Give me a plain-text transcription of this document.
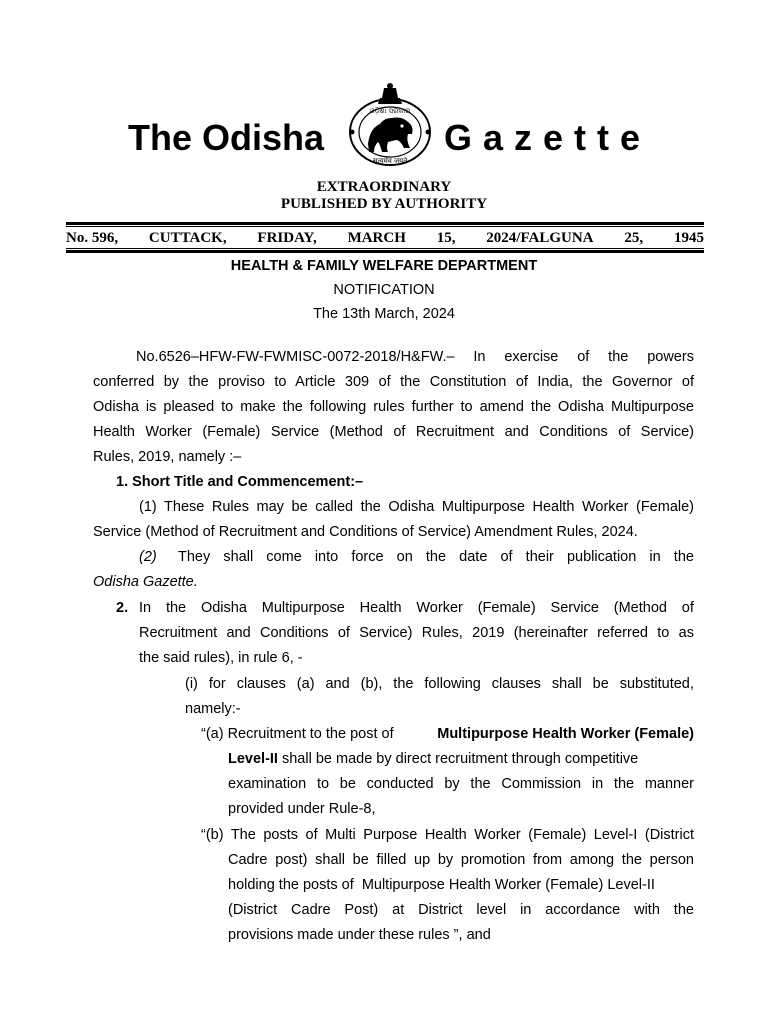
The Odisha
ଓଡ଼ିଶା ସରକାର
सत्यमेव जयते
Gazette
EXTRAORDINARY
PUBLISHED BY AUTHORITY
No. 596, CUTTACK, FRIDAY, MARCH 15, 2024/FALGUNA 25, 1945
HEALTH & FAMILY WELFARE DEPARTMENT
NOTIFICATION
The 13th March, 2024
No.6526–HFW-FW-FWMISC-0072-2018/H&FW.– In exercise of the powers
conferred by the proviso to Article 309 of the Constitution of India, the Governor of
Odisha is pleased to make the following rules further to amend the Odisha Multipurpose
Health Worker (Female) Service (Method of Recruitment and Conditions of Service)
Rules, 2019, namely :–
1. Short Title and Commencement:–
(1) These Rules may be called the Odisha Multipurpose Health Worker (Female)
Service (Method of Recruitment and Conditions of Service) Amendment Rules, 2024.
(2) They shall come into force on the date of their publication in the
Odisha Gazette.
2. In the Odisha Multipurpose Health Worker (Female) Service (Method of
Recruitment and Conditions of Service) Rules, 2019 (hereinafter referred to as
the said rules), in rule 6, -
(i) for clauses (a) and (b), the following clauses shall be substituted,
namely:-
“(a) Recruitment to the post of	Multipurpose Health Worker (Female)
Level-II shall be made by direct recruitment through competitive
examination to be conducted by the Commission in the manner
provided under Rule-8,
“(b) The posts of Multi Purpose Health Worker (Female) Level-I (District
Cadre post) shall be filled up by promotion from among the person
holding the posts of  Multipurpose Health Worker (Female) Level-II
(District Cadre Post) at District level in accordance with the
provisions made under these rules ”, and
